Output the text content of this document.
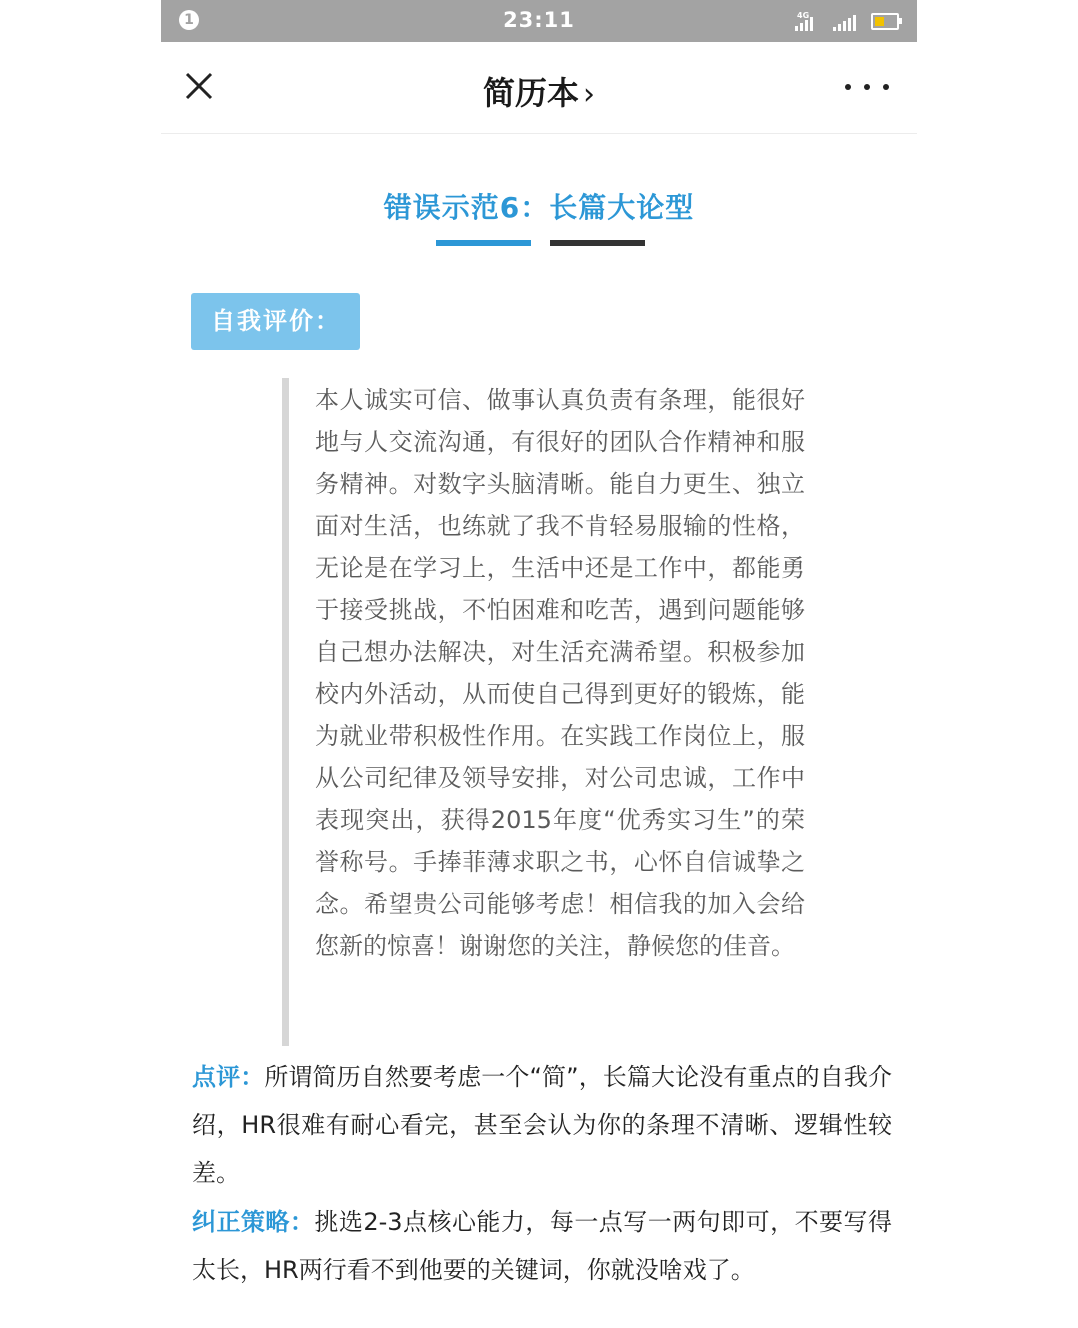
1	23:11	4G
简历本 ›
错误示范6：长篇大论型
自我评价：
本人诚实可信、做事认真负责有条理，能很好地与人交流沟通，有很好的团队合作精神和服务精神。对数字头脑清晰。能自力更生、独立面对生活，也练就了我不肯轻易服输的性格，无论是在学习上，生活中还是工作中，都能勇于接受挑战，不怕困难和吃苦，遇到问题能够自己想办法解决，对生活充满希望。积极参加校内外活动，从而使自己得到更好的锻炼，能为就业带积极性作用。在实践工作岗位上，服从公司纪律及领导安排，对公司忠诚，工作中表现突出，获得2015年度“优秀实习生”的荣誉称号。手捧菲薄求职之书，心怀自信诚挚之念。希望贵公司能够考虑！相信我的加入会给您新的惊喜！谢谢您的关注，静候您的佳音。
点评：所谓简历自然要考虑一个“简”，长篇大论没有重点的自我介绍，HR很难有耐心看完，甚至会认为你的条理不清晰、逻辑性较差。
纠正策略：挑选2-3点核心能力，每一点写一两句即可，不要写得太长，HR两行看不到他要的关键词，你就没啥戏了。
